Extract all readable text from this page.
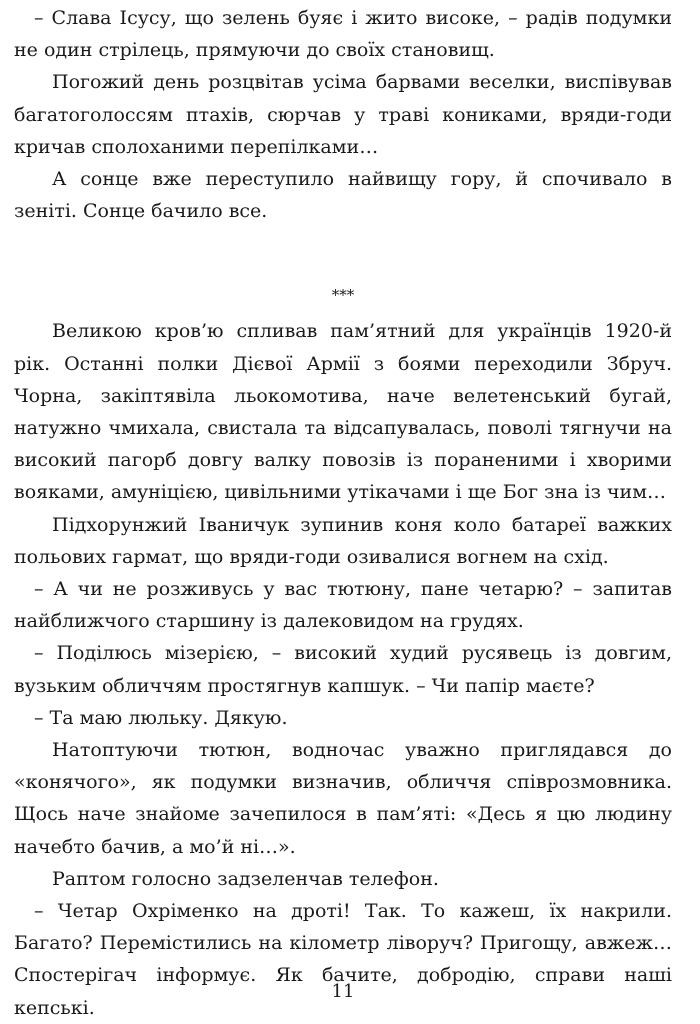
– Слава Ісусу, що зелень буяє і жито високе, – радів подумки не один стрілець, прямуючи до своїх становищ.

Погожий день розцвітав усіма барвами веселки, виспівував багатоголоссям птахів, сюрчав у траві кониками, вряди-годи кричав сполоханими перепілками…

А сонце вже переступило найвищу гору, й спочивало в зеніті. Сонце бачило все.

***

Великою кров’ю спливав пам’ятний для українців 1920-й рік. Останні полки Дієвої Армії з боями переходили Збруч. Чорна, закіптявіла льокомотива, наче велетенський бугай, натужно чмихала, свистала та відсапувалась, поволі тягнучи на високий пагорб довгу валку повозів із пораненими і хворими вояками, амуніцією, цивільними утікачами і ще Бог зна із чим…

Підхорунжий Іваничук зупинив коня коло батареї важких польових гармат, що вряди-годи озивалися вогнем на схід.

– А чи не розживусь у вас тютюну, пане четарю? – запитав найближчого старшину із далековидом на грудях.

– Поділюсь мізерією, – високий худий русявець із довгим, вузьким обличчям простягнув капшук. – Чи папір маєте?

– Та маю люльку. Дякую.

Натоптуючи тютюн, водночас уважно приглядався до «конячого», як подумки визначив, обличчя співрозмовника. Щось наче знайоме зачепилося в пам’яті: «Десь я цю людину начебто бачив, а мо’й ні…».

Раптом голосно задзеленчав телефон.

– Четар Охріменко на дроті! Так. То кажеш, їх накрили. Багато? Перемістились на кілометр ліворуч? Пригощу, авжеж… Спостерігач інформує. Як бачите, добродію, справи наші кепські.

11
